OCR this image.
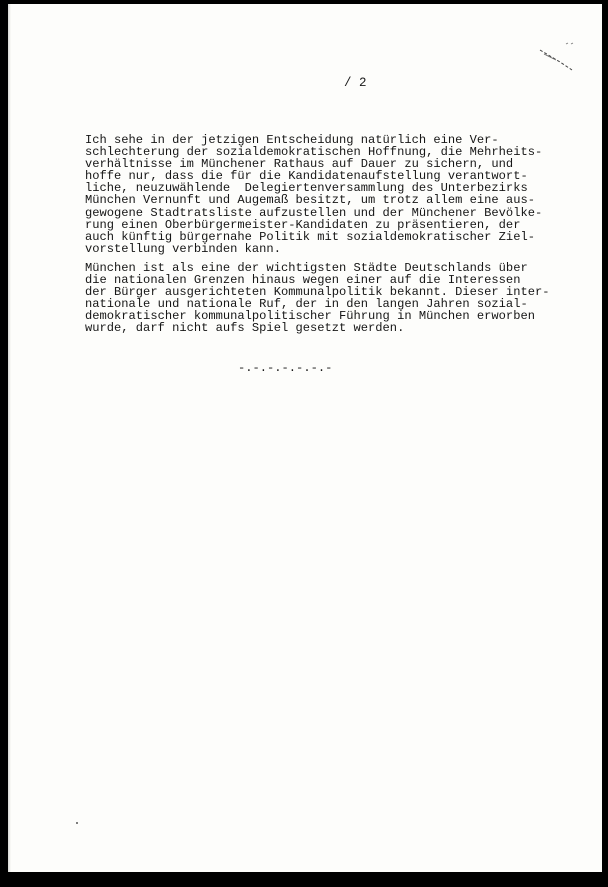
/ 2
Ich sehe in der jetzigen Entscheidung natürlich eine Ver-
schlechterung der sozialdemokratischen Hoffnung, die Mehrheits-
verhältnisse im Münchener Rathaus auf Dauer zu sichern, und
hoffe nur, dass die für die Kandidatenaufstellung verantwort-
liche, neuzuwählende  Delegiertenversammlung des Unterbezirks
München Vernunft und Augemaß besitzt, um trotz allem eine aus-
gewogene Stadtratsliste aufzustellen und der Münchener Bevölke-
rung einen Oberbürgermeister-Kandidaten zu präsentieren, der
auch künftig bürgernahe Politik mit sozialdemokratischer Ziel-
vorstellung verbinden kann.
München ist als eine der wichtigsten Städte Deutschlands über
die nationalen Grenzen hinaus wegen einer auf die Interessen
der Bürger ausgerichteten Kommunalpolitik bekannt. Dieser inter-
nationale und nationale Ruf, der in den langen Jahren sozial-
demokratischer kommunalpolitischer Führung in München erworben
wurde, darf nicht aufs Spiel gesetzt werden.
-.-.-.-.-.-.-
